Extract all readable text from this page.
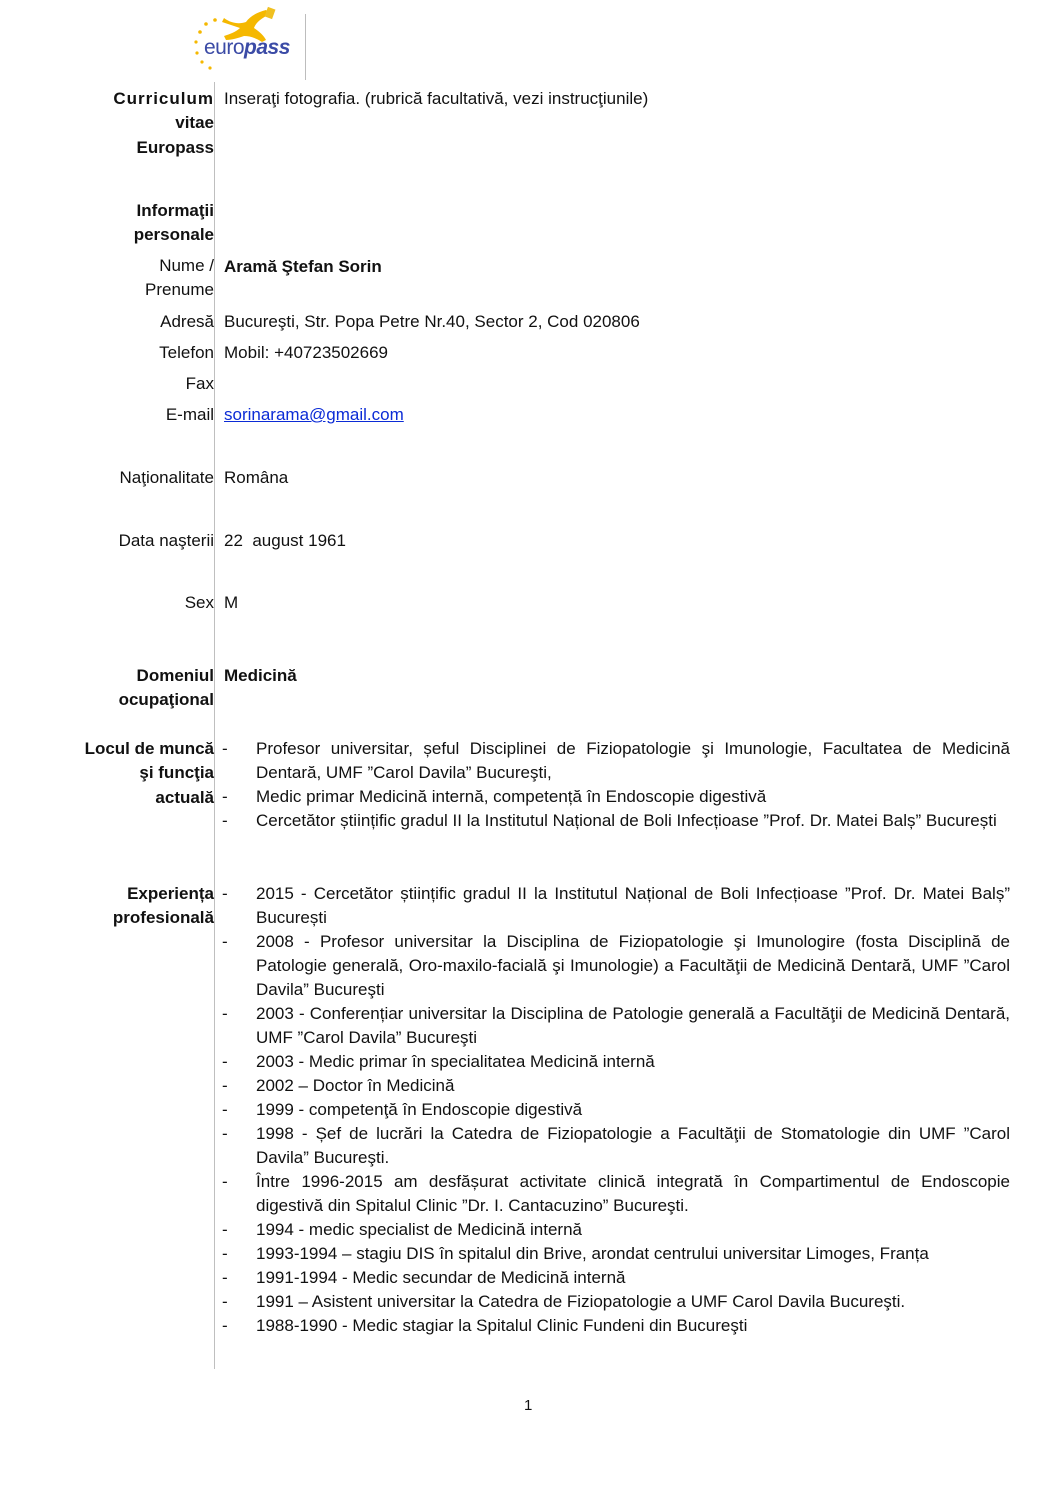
europass
Curriculum
vitae
Europass
Inseraţi fotografia. (rubrică facultativă, vezi instrucţiunile)
Informaţii
personale
Nume /
Prenume
Aramă Ştefan Sorin
Adresă Bucureşti, Str. Popa Petre Nr.40, Sector 2, Cod 020806
Telefon Mobil: +40723502669
Fax
E-mail sorinarama@gmail.com
Naţionalitate Româna
Data naşterii 22  august 1961
Sex M
Domeniul
ocupaţional
Medicină
Locul de muncă
şi funcţia
actuală
- Profesor universitar, șeful Disciplinei de Fiziopatologie şi Imunologie, Facultatea de Medicină Dentară, UMF ”Carol Davila” Bucureşti,
- Medic primar Medicină internă, competență în Endoscopie digestivă
- Cercetător științific gradul II la Institutul Național de Boli Infecțioase ”Prof. Dr. Matei Balș” București
Experiența
profesională
- 2015 - Cercetător științific gradul II la Institutul Național de Boli Infecțioase ”Prof. Dr. Matei Balș” București
- 2008 - Profesor universitar la Disciplina de Fiziopatologie şi Imunologire (fosta Disciplină de Patologie generală, Oro-maxilo-facială şi Imunologie) a Facultăţii de Medicină Dentară, UMF ”Carol Davila” Bucureşti
- 2003 - Conferențiar universitar la Disciplina de Patologie generală a Facultăţii de Medicină Dentară, UMF ”Carol Davila” Bucureşti
- 2003 - Medic primar în specialitatea Medicină internă
- 2002 – Doctor în Medicină
- 1999 - competenţă în Endoscopie digestivă
- 1998 - Șef de lucrări la Catedra de Fiziopatologie a Facultăţii de Stomatologie din UMF ”Carol Davila” Bucureşti.
- Între 1996-2015 am desfășurat activitate clinică integrată în Compartimentul de Endoscopie digestivă din Spitalul Clinic ”Dr. I. Cantacuzino” Bucureşti.
- 1994 - medic specialist de Medicină internă
- 1993-1994 – stagiu DIS în spitalul din Brive, arondat centrului universitar Limoges, Franța
- 1991-1994 - Medic secundar de Medicină internă
- 1991 – Asistent universitar la Catedra de Fiziopatologie a UMF Carol Davila Bucureşti.
- 1988-1990 - Medic stagiar la Spitalul Clinic Fundeni din Bucureşti
1
